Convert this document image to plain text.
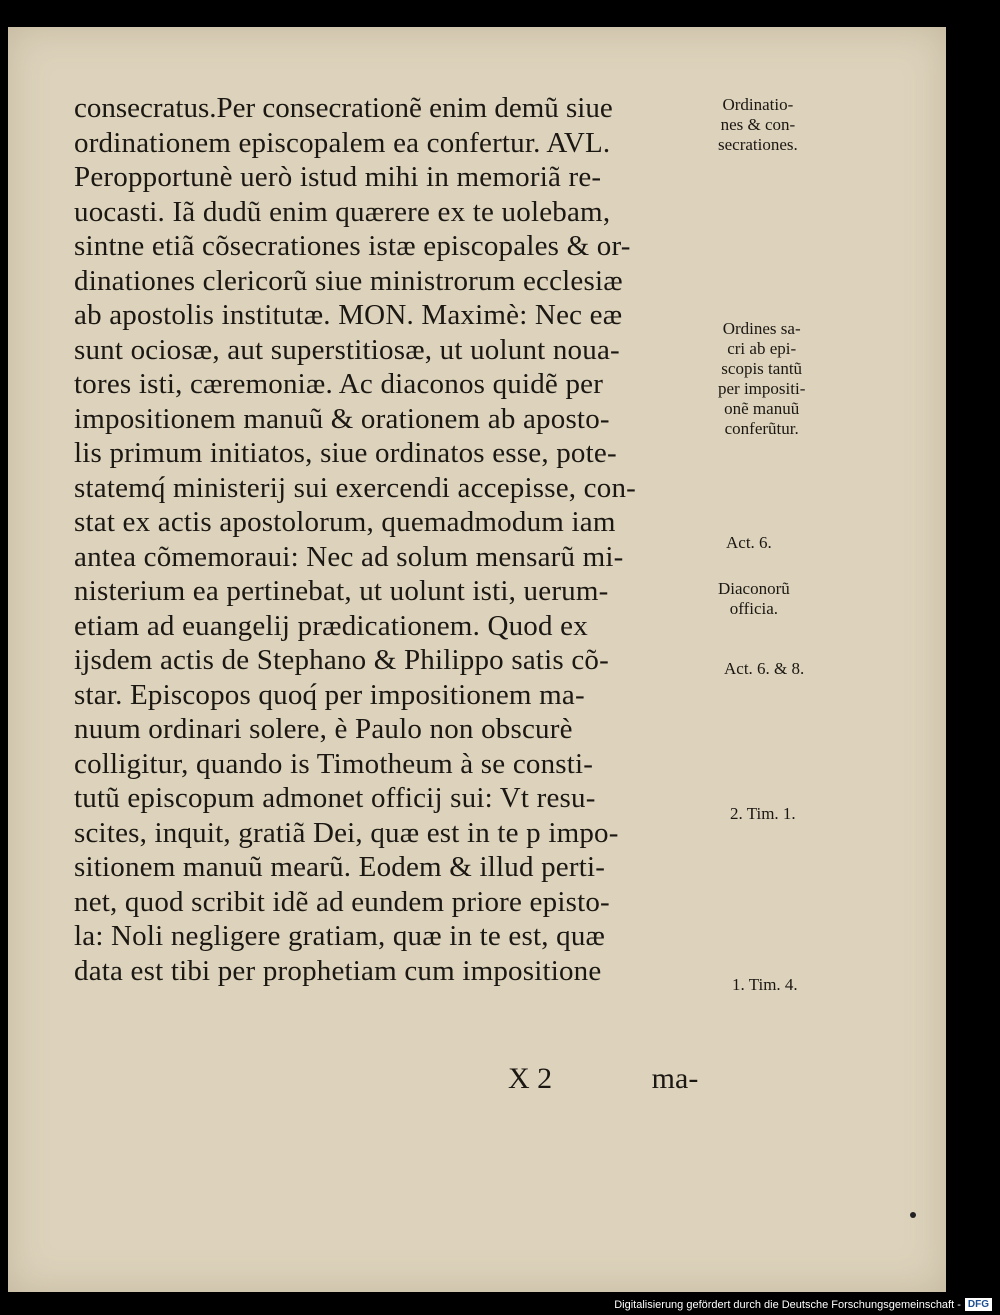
consecratus.Per consecrationẽ enim demũ siue
ordinationem episcopalem ea confertur. AVL.
Peropportunè uerò istud mihi in memoriã re-
uocasti. Iã dudũ enim quærere ex te uolebam,
sintne etiã cõsecrationes istæ episcopales & or-
dinationes clericorũ siue ministrorum ecclesiæ
ab apostolis institutæ. MON. Maximè: Nec eæ
sunt ociosæ, aut superstitiosæ, ut uolunt noua-
tores isti, cæremoniæ. Ac diaconos quidẽ per
impositionem manuũ & orationem ab aposto-
lis primum initiatos, siue ordinatos esse, pote-
statemq́ ministerij sui exercendi accepisse, con-
stat ex actis apostolorum, quemadmodum iam
antea cõmemoraui: Nec ad solum mensarũ mi-
nisterium ea pertinebat, ut uolunt isti, uerum-
etiam ad euangelij prædicationem. Quod ex
ijsdem actis de Stephano & Philippo satis cõ-
star. Episcopos quoq́ per impositionem ma-
nuum ordinari solere, è Paulo non obscurè
colligitur, quando is Timotheum à se consti-
tutũ episcopum admonet officij sui: Vt resu-
scites, inquit, gratiã Dei, quæ est in te p impo-
sitionem manuũ mearũ. Eodem & illud perti-
net, quod scribit idẽ ad eundem priore episto-
la: Noli negligere gratiam, quæ in te est, quæ
data est tibi per prophetiam cum impositione
Ordinatio-
nes & con-
secrationes.
Ordines sa-
cri ab epi-
scopis tantũ
per impositi-
onẽ manuũ
conferũtur.
Act. 6.
Diaconorũ
officia.
Act. 6. & 8.
2. Tim. 1.
1. Tim. 4.
X 2	ma-
Digitalisierung gefördert durch die Deutsche Forschungsgemeinschaft - DFG
